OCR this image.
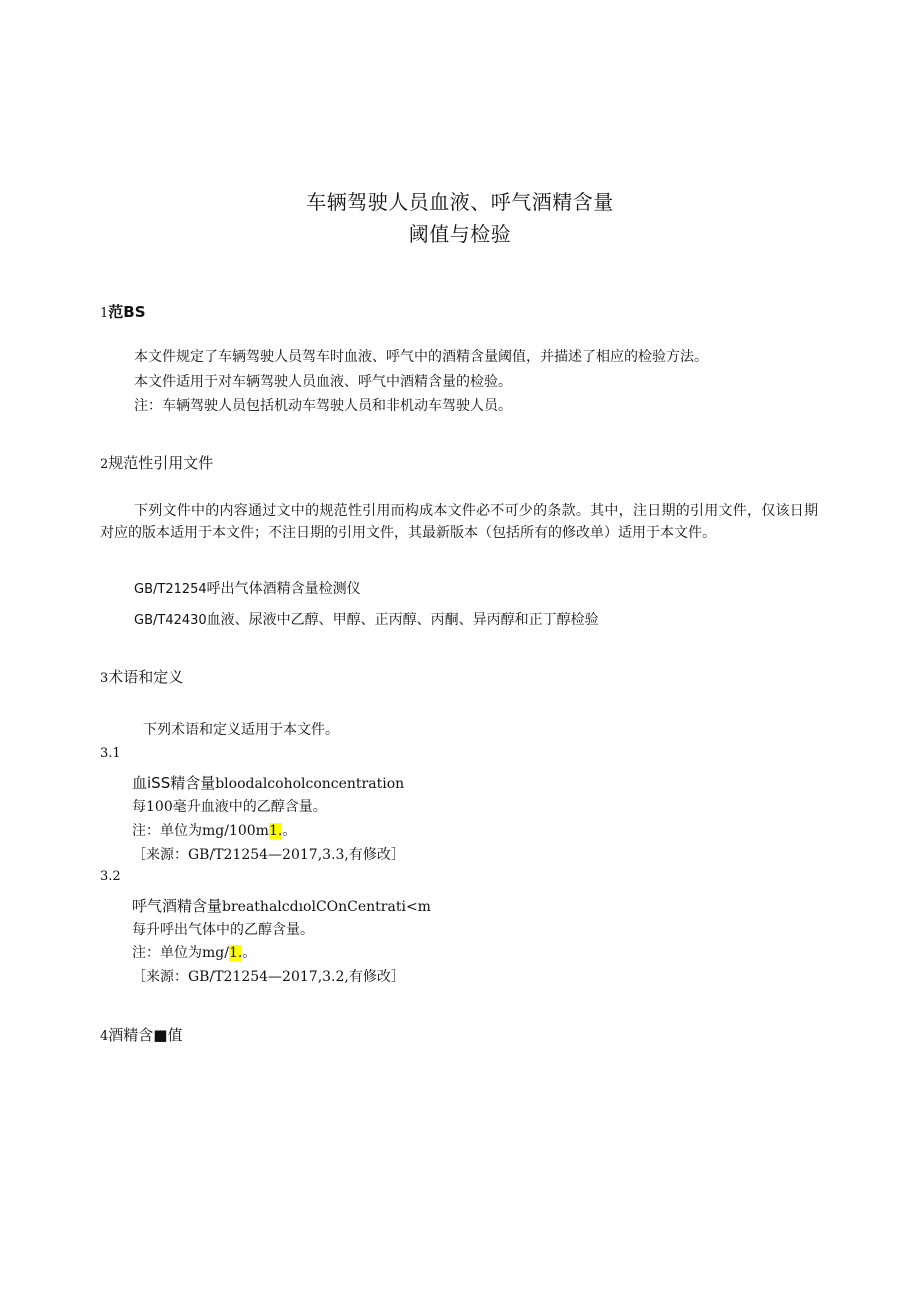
车辆驾驶人员血液、呼气酒精含量
阈值与检验
1范BS
本文件规定了车辆驾驶人员驾车时血液、呼气中的酒精含量阈值，并描述了相应的检验方法。
本文件适用于对车辆驾驶人员血液、呼气中酒精含量的检验。
注：车辆驾驶人员包括机动车驾驶人员和非机动车驾驶人员。
2规范性引用文件
下列文件中的内容通过文中的规范性引用而构成本文件必不可少的条款。其中，注日期的引用文件，仅该日期对应的版本适用于本文件；不注日期的引用文件，其最新版本（包括所有的修改单）适用于本文件。
GB/T21254呼出气体酒精含量检测仪
GB/T42430血液、尿液中乙醇、甲醇、正丙醇、丙酮、异丙醇和正丁醇检验
3术语和定义
下列术语和定义适用于本文件。
3.1
血iSS精含量bloodalcoholconcentration
每100毫升血液中的乙醇含量。
注：单位为mg/100m1.。
［来源：GB/T21254—2017,3.3,有修改］
3.2
呼气酒精含量breathalcdıolCOnCentrati<m
每升呼出气体中的乙醇含量。
注：单位为mg/1.。
［来源：GB/T21254—2017,3.2,有修改］
4酒精含■值
